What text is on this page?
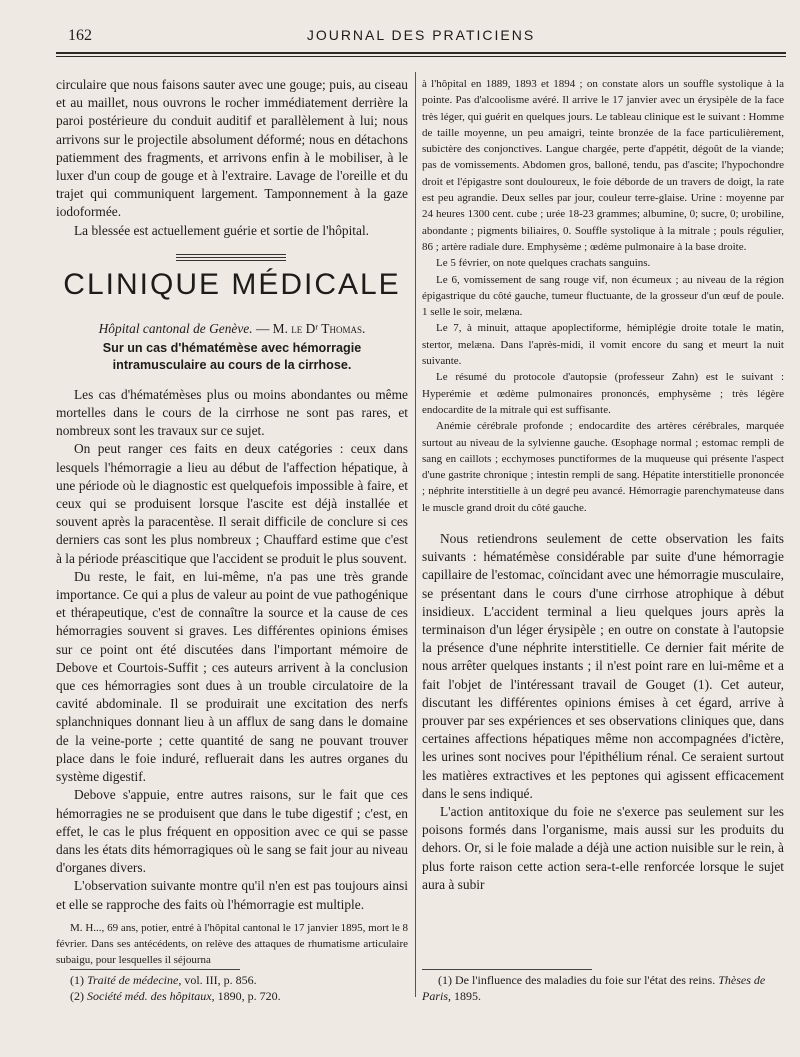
162	JOURNAL DES PRATICIENS

circulaire que nous faisons sauter avec une gouge; puis, au ciseau et au maillet, nous ouvrons le rocher immédiatement derrière la paroi postérieure du conduit auditif et parallèlement à lui; nous arrivons sur le projectile absolument déformé; nous en détachons patiemment des fragments, et arrivons enfin à le mobiliser, à le luxer d'un coup de gouge et à l'extraire. Lavage de l'oreille et du trajet qui communiquent largement. Tamponnement à la gaze iodoformée.

La blessée est actuellement guérie et sortie de l'hôpital.

CLINIQUE MÉDICALE
Hôpital cantonal de Genève. — M. le Dʳ Thomas.
Sur un cas d'hématémèse avec hémorragie intramusculaire au cours de la cirrhose.

Les cas d'hématémèses plus ou moins abondantes ou même mortelles dans le cours de la cirrhose ne sont pas rares, et nombreux sont les travaux sur ce sujet.

On peut ranger ces faits en deux catégories : ceux dans lesquels l'hémorragie a lieu au début de l'affection hépatique, à une période où le diagnostic est quelquefois impossible à faire, et ceux qui se produisent lorsque l'ascite est déjà installée et souvent après la paracentèse. Il serait difficile de conclure si ces derniers cas sont les plus nombreux ; Chauffard estime que c'est à la période préascitique que l'accident se produit le plus souvent.

Du reste, le fait, en lui-même, n'a pas une très grande importance. Ce qui a plus de valeur au point de vue pathogénique et thérapeutique, c'est de connaître la source et la cause de ces hémorragies souvent si graves. Les différentes opinions émises sur ce point ont été discutées dans l'important mémoire de Debove et Courtois-Suffit ; ces auteurs arrivent à la conclusion que ces hémorragies sont dues à un trouble circulatoire de la cavité abdominale. Il se produirait une excitation des nerfs splanchniques donnant lieu à un afflux de sang dans le domaine de la veine-porte ; cette quantité de sang ne pouvant trouver place dans le foie induré, refluerait dans les autres organes du système digestif.

Debove s'appuie, entre autres raisons, sur le fait que ces hémorragies ne se produisent que dans le tube digestif ; c'est, en effet, le cas le plus fréquent en opposition avec ce qui se passe dans les états dits hémorragiques où le sang se fait jour au niveau d'organes divers.

L'observation suivante montre qu'il n'en est pas toujours ainsi et elle se rapproche des faits où l'hémorragie est multiple.

M. H..., 69 ans, potier, entré à l'hôpital cantonal le 17 janvier 1895, mort le 8 février. Dans ses antécédents, on relève des attaques de rhumatisme articulaire subaigu, pour lesquelles il séjourna

à l'hôpital en 1889, 1893 et 1894 ; on constate alors un souffle systolique à la pointe. Pas d'alcoolisme avéré. Il arrive le 17 janvier avec un érysipèle de la face très léger, qui guérit en quelques jours. Le tableau clinique est le suivant : Homme de taille moyenne, un peu amaigri, teinte bronzée de la face particulièrement, subictère des conjonctives. Langue chargée, perte d'appétit, dégoût de la viande; pas de vomissements. Abdomen gros, balloné, tendu, pas d'ascite; l'hypochondre droit et l'épigastre sont douloureux, le foie déborde de un travers de doigt, la rate est peu agrandie. Deux selles par jour, couleur terre-glaise. Urine : moyenne par 24 heures 1300 cent. cube ; urée 18-23 grammes; albumine, 0; sucre, 0; urobiline, abondante ; pigments biliaires, 0. Souffle systolique à la mitrale ; pouls régulier, 86 ; artère radiale dure. Emphysème ; œdème pulmonaire à la base droite.

Le 5 février, on note quelques crachats sanguins.

Le 6, vomissement de sang rouge vif, non écumeux ; au niveau de la région épigastrique du côté gauche, tumeur fluctuante, de la grosseur d'un œuf de poule. 1 selle le soir, melæna.

Le 7, à minuit, attaque apoplectiforme, hémiplégie droite totale le matin, stertor, melæna. Dans l'après-midi, il vomit encore du sang et meurt la nuit suivante.

Le résumé du protocole d'autopsie (professeur Zahn) est le suivant : Hyperémie et œdème pulmonaires prononcés, emphysème ; très légère endocardite de la mitrale qui est suffisante.

Anémie cérébrale profonde ; endocardite des artères cérébrales, marquée surtout au niveau de la sylvienne gauche. Œsophage normal ; estomac rempli de sang en caillots ; ecchymoses punctiformes de la muqueuse qui présente l'aspect d'une gastrite chronique ; intestin rempli de sang. Hépatite interstitielle prononcée ; néphrite interstitielle à un degré peu avancé. Hémorragie parenchymateuse dans le muscle grand droit du côté gauche.

Nous retiendrons seulement de cette observation les faits suivants : hématémèse considérable par suite d'une hémorragie capillaire de l'estomac, coïncidant avec une hémorragie musculaire, se présentant dans le cours d'une cirrhose atrophique à début insidieux. L'accident terminal a lieu quelques jours après la terminaison d'un léger érysipèle ; en outre on constate à l'autopsie la présence d'une néphrite interstitielle. Ce dernier fait mérite de nous arrêter quelques instants ; il n'est point rare en lui-même et a fait l'objet de l'intéressant travail de Gouget (1). Cet auteur, discutant les différentes opinions émises à cet égard, arrive à prouver par ses expériences et ses observations cliniques que, dans certaines affections hépatiques même non accompagnées d'ictère, les urines sont nocives pour l'épithélium rénal. Ce seraient surtout les matières extractives et les peptones qui agissent efficacement dans le sens indiqué.

L'action antitoxique du foie ne s'exerce pas seulement sur les poisons formés dans l'organisme, mais aussi sur les produits du dehors. Or, si le foie malade a déjà une action nuisible sur le rein, à plus forte raison cette action sera-t-elle renforcée lorsque le sujet aura à subir

(1) Traité de médecine, vol. III, p. 856.
(2) Société méd. des hôpitaux, 1890, p. 720.
(1) De l'influence des maladies du foie sur l'état des reins. Thèses de Paris, 1895.
